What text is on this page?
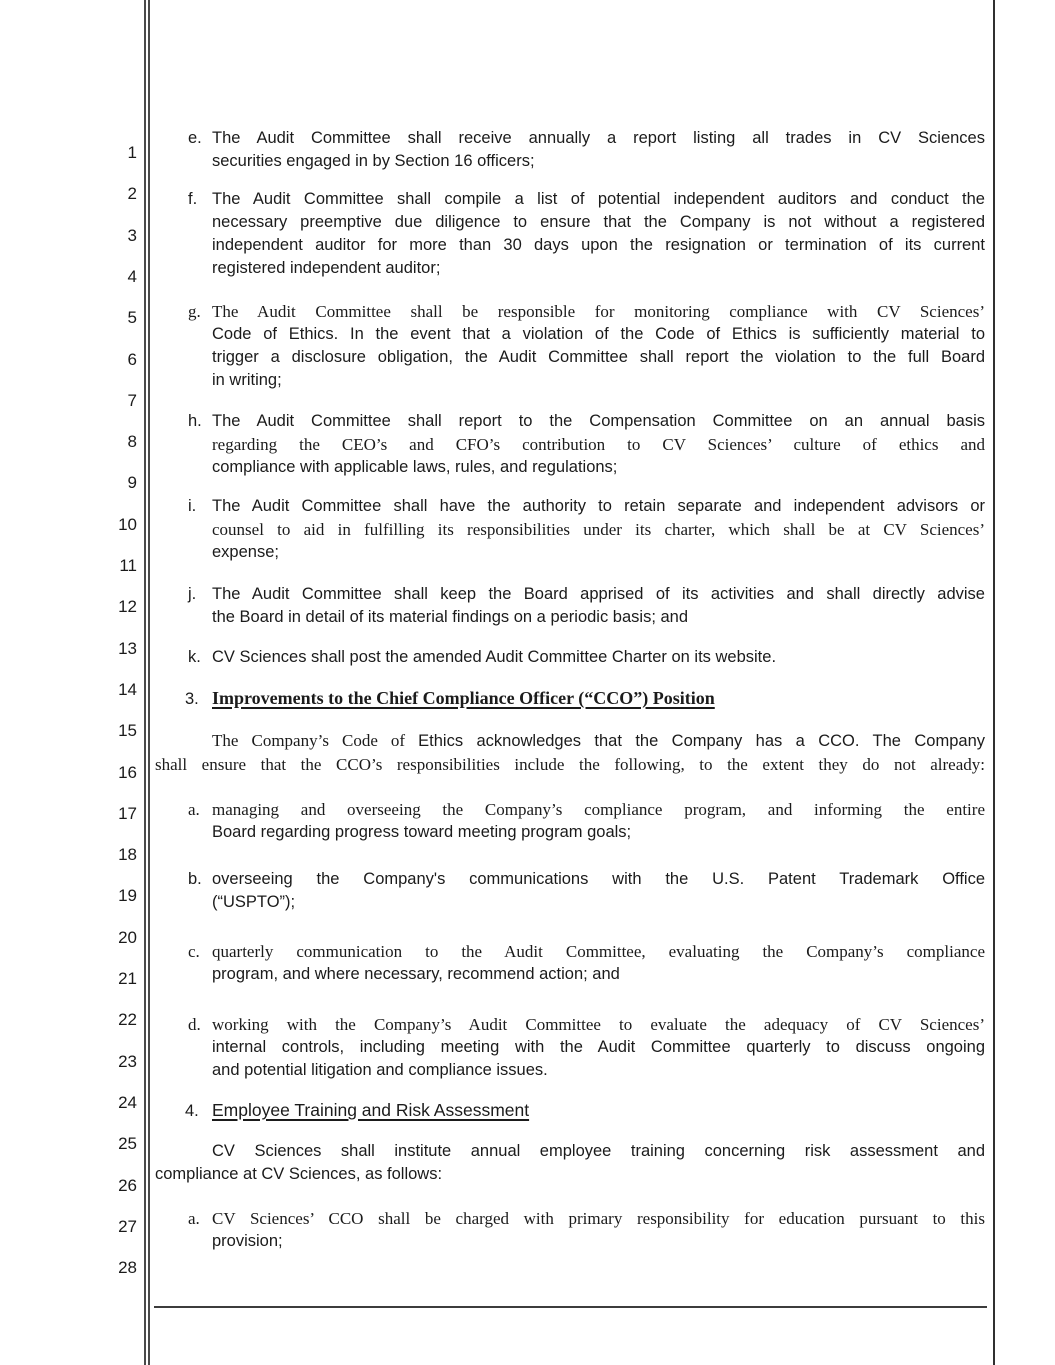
1
2
3
4
5
6
7
8
9
10
11
12
13
14
15
16
17
18
19
20
21
22
23
24
25
26
27
28
e. The Audit Committee shall receive annually a report listing all trades in CV Sciences
securities engaged in by Section 16 officers;
f. The Audit Committee shall compile a list of potential independent auditors and conduct the
necessary preemptive due diligence to ensure that the Company is not without a registered
independent auditor for more than 30 days upon the resignation or termination of its current
registered independent auditor;
g. The Audit Committee shall be responsible for monitoring compliance with CV Sciences’
Code of Ethics. In the event that a violation of the Code of Ethics is sufficiently material to
trigger a disclosure obligation, the Audit Committee shall report the violation to the full Board
in writing;
h. The Audit Committee shall report to the Compensation Committee on an annual basis
regarding the CEO’s and CFO’s contribution to CV Sciences’ culture of ethics and
compliance with applicable laws, rules, and regulations;
i. The Audit Committee shall have the authority to retain separate and independent advisors or
counsel to aid in fulfilling its responsibilities under its charter, which shall be at CV Sciences’
expense;
j. The Audit Committee shall keep the Board apprised of its activities and shall directly advise
the Board in detail of its material findings on a periodic basis; and
k. CV Sciences shall post the amended Audit Committee Charter on its website.
3. Improvements to the Chief Compliance Officer (“CCO”) Position
The Company’s Code of Ethics acknowledges that the Company has a CCO. The Company
shall ensure that the CCO’s responsibilities include the following, to the extent they do not already:
a. managing and overseeing the Company’s compliance program, and informing the entire
Board regarding progress toward meeting program goals;
b. overseeing the Company's communications with the U.S. Patent Trademark Office
(“USPTO”);
c. quarterly communication to the Audit Committee, evaluating the Company’s compliance
program, and where necessary, recommend action; and
d. working with the Company’s Audit Committee to evaluate the adequacy of CV Sciences’
internal controls, including meeting with the Audit Committee quarterly to discuss ongoing
and potential litigation and compliance issues.
4. Employee Training and Risk Assessment
CV Sciences shall institute annual employee training concerning risk assessment and
compliance at CV Sciences, as follows:
a. CV Sciences’ CCO shall be charged with primary responsibility for education pursuant to this
provision;
